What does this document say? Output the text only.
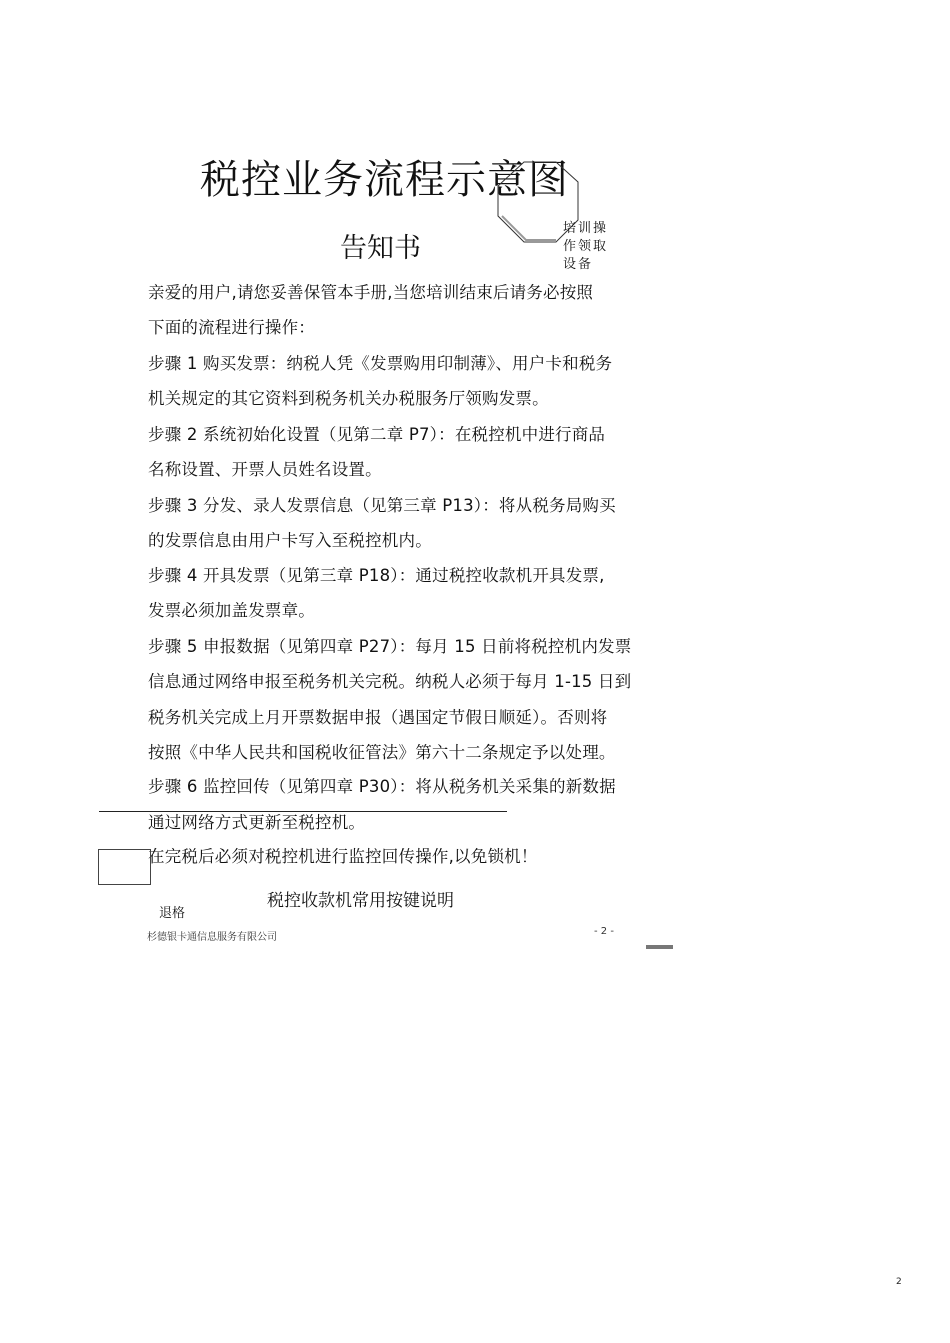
税控业务流程示意图
告知书
培训操
作领取
设备
亲爱的用户,请您妥善保管本手册,当您培训结束后请务必按照
下面的流程进行操作：
步骤 1 购买发票：纳税人凭《发票购用印制薄》、用户卡和税务
机关规定的其它资料到税务机关办税服务厅领购发票。
步骤 2 系统初始化设置（见第二章 P7）：在税控机中进行商品
名称设置、开票人员姓名设置。
步骤 3 分发、录人发票信息（见第三章 P13）：将从税务局购买
的发票信息由用户卡写入至税控机内。
步骤 4 开具发票（见第三章 P18）：通过税控收款机开具发票,
发票必须加盖发票章。
步骤 5 申报数据（见第四章 P27）：每月 15 日前将税控机内发票
信息通过网络申报至税务机关完税。纳税人必须于每月 1-15 日到
税务机关完成上月开票数据申报（遇国定节假日顺延）。否则将
按照《中华人民共和国税收征管法》第六十二条规定予以处理。
步骤 6 监控回传（见第四章 P30）：将从税务机关采集的新数据
通过网络方式更新至税控机。
在完税后必须对税控机进行监控回传操作,以免锁机！
退格
税控收款机常用按键说明
杉德银卡通信息服务有限公司
- 2 -
2
